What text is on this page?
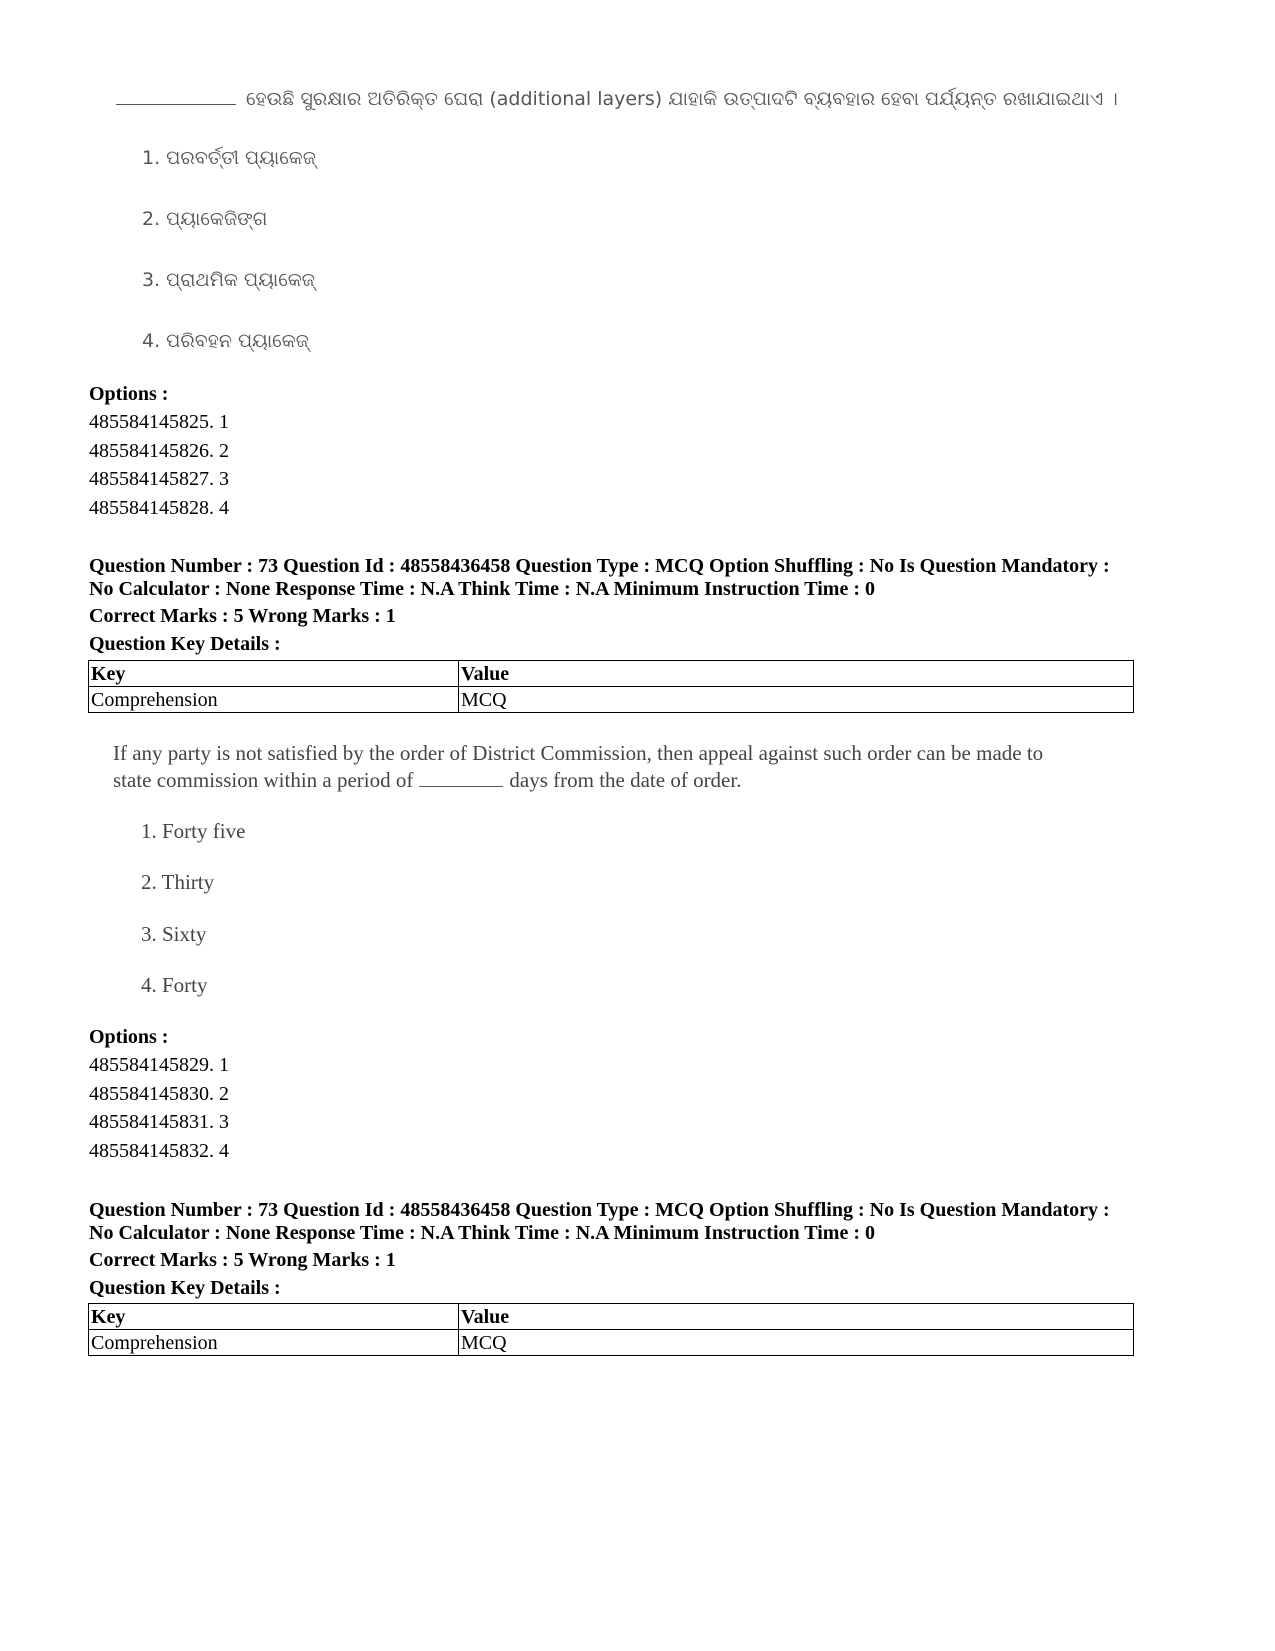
ହେଉଛି ସୁରକ୍ଷାର ଅତିରିକ୍ତ ଘେରା (additional layers) ଯାହାକି ଉତ୍ପାଦଟି ବ୍ୟବହାର ହେବା ପର୍ଯ୍ୟନ୍ତ ରଖାଯାଇଥାଏ ।
1. ପରବର୍ତ୍ତୀ ପ୍ୟାକେଜ୍
2. ପ୍ୟାକେଜିଙ୍ଗ
3. ପ୍ରାଥମିକ ପ୍ୟାକେଜ୍
4. ପରିବହନ ପ୍ୟାକେଜ୍
Options :
485584145825. 1
485584145826. 2
485584145827. 3
485584145828. 4
Question Number : 73 Question Id : 48558436458 Question Type : MCQ Option Shuffling : No Is Question Mandatory :
No Calculator : None Response Time : N.A Think Time : N.A Minimum Instruction Time : 0
Correct Marks : 5 Wrong Marks : 1
Question Key Details :
Key	Value
Comprehension	MCQ
If any party is not satisfied by the order of District Commission, then appeal against such order can be made to
state commission within a period of	days from the date of order.
1. Forty five
2. Thirty
3. Sixty
4. Forty
Options :
485584145829. 1
485584145830. 2
485584145831. 3
485584145832. 4
Question Number : 73 Question Id : 48558436458 Question Type : MCQ Option Shuffling : No Is Question Mandatory :
No Calculator : None Response Time : N.A Think Time : N.A Minimum Instruction Time : 0
Correct Marks : 5 Wrong Marks : 1
Question Key Details :
Key	Value
Comprehension	MCQ
